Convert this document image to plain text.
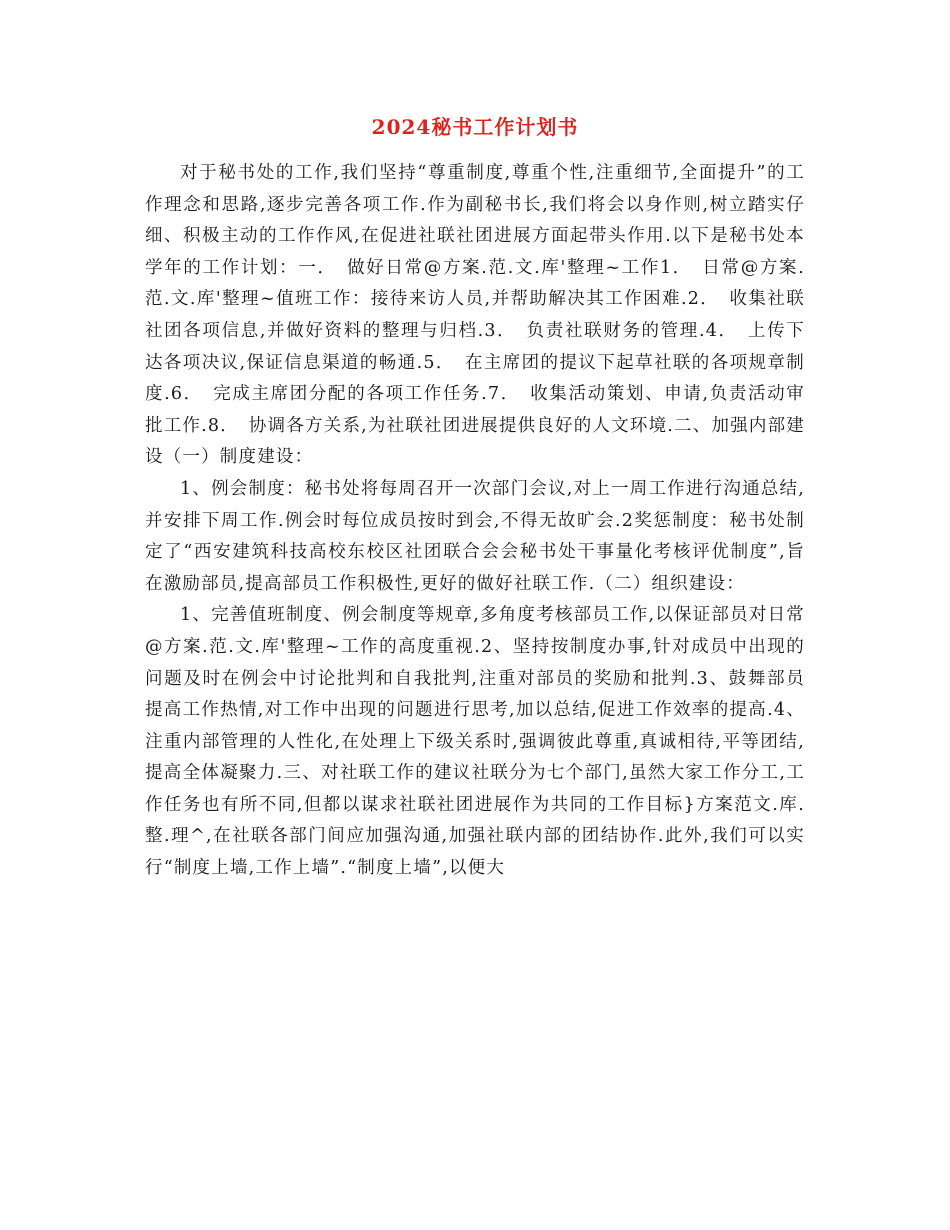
2024秘书工作计划书

对于秘书处的工作,我们坚持“尊重制度,尊重个性,注重细节,全面提升”的工作理念和思路,逐步完善各项工作.作为副秘书长,我们将会以身作则,树立踏实仔细、积极主动的工作作风,在促进社联社团进展方面起带头作用.以下是秘书处本学年的工作计划：一．　做好日常@方案.范.文.库'整理~工作1．　日常@方案.范.文.库'整理~值班工作：接待来访人员,并帮助解决其工作困难.2．　收集社联社团各项信息,并做好资料的整理与归档.3．　负责社联财务的管理.4．　上传下达各项决议,保证信息渠道的畅通.5．　在主席团的提议下起草社联的各项规章制度.6．　完成主席团分配的各项工作任务.7．　收集活动策划、申请,负责活动审批工作.8．　协调各方关系,为社联社团进展提供良好的人文环境.二、加强内部建设（一）制度建设：

1、例会制度：秘书处将每周召开一次部门会议,对上一周工作进行沟通总结,并安排下周工作.例会时每位成员按时到会,不得无故旷会.2奖惩制度：秘书处制定了“西安建筑科技高校东校区社团联合会会秘书处干事量化考核评优制度”,旨在激励部员,提高部员工作积极性,更好的做好社联工作.（二）组织建设：

1、完善值班制度、例会制度等规章,多角度考核部员工作,以保证部员对日常@方案.范.文.库'整理~工作的高度重视.2、坚持按制度办事,针对成员中出现的问题及时在例会中讨论批判和自我批判,注重对部员的奖励和批判.3、鼓舞部员提高工作热情,对工作中出现的问题进行思考,加以总结,促进工作效率的提高.4、注重内部管理的人性化,在处理上下级关系时,强调彼此尊重,真诚相待,平等团结,提高全体凝聚力.三、对社联工作的建议社联分为七个部门,虽然大家工作分工,工作任务也有所不同,但都以谋求社联社团进展作为共同的工作目标}方案范文.库.整.理^,在社联各部门间应加强沟通,加强社联内部的团结协作.此外,我们可以实行“制度上墙,工作上墙”.“制度上墙”,以便大
